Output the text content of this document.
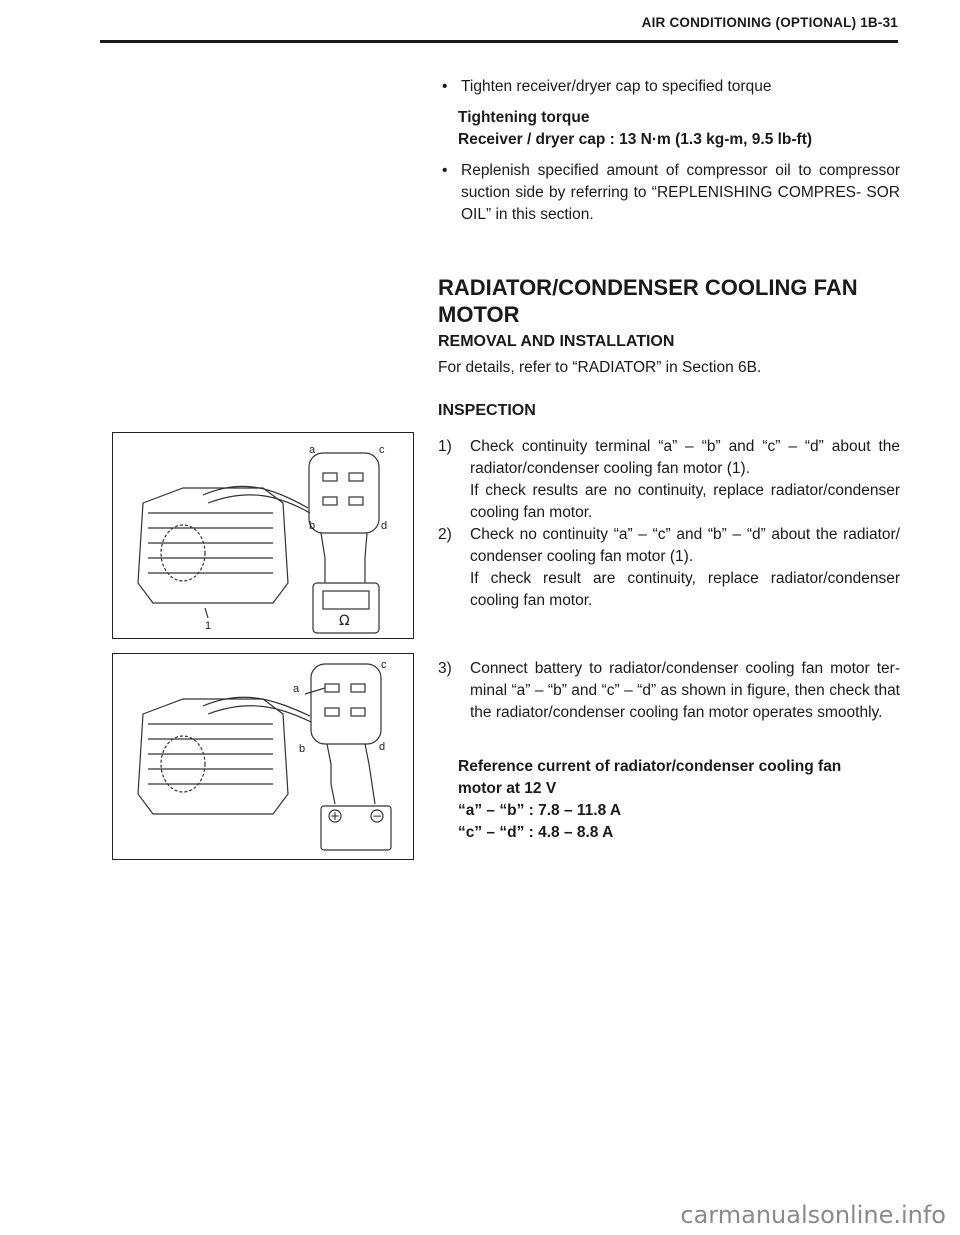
AIR CONDITIONING (OPTIONAL) 1B-31
• Tighten receiver/dryer cap to specified torque
Tightening torque
Receiver / dryer cap : 13 N·m (1.3 kg-m, 9.5 lb-ft)
• Replenish specified amount of compressor oil to compressor suction side by referring to “REPLENISHING COMPRES- SOR OIL” in this section.
RADIATOR/CONDENSER COOLING FAN
MOTOR
REMOVAL AND INSTALLATION
For details, refer to “RADIATOR” in Section 6B.
INSPECTION
1) Check continuity terminal “a” – “b” and “c” – “d” about the radiator/condenser cooling fan motor (1).
If check results are no continuity, replace radiator/condenser cooling fan motor.
2) Check no continuity “a” – “c” and “b” – “d” about the radiator/ condenser cooling fan motor (1).
If check result are continuity, replace radiator/condenser cooling fan motor.
3) Connect battery to radiator/condenser cooling fan motor ter- minal “a” – “b” and “c” – “d” as shown in figure, then check that the radiator/condenser cooling fan motor operates smoothly.
Reference current of radiator/condenser cooling fan
motor at 12 V
“a” – “b” : 7.8 – 11.8 A
“c” – “d” : 4.8 – 8.8 A
a	c
b	d
1	Ω
a
c
b	d
+	−
carmanualsonline.info
